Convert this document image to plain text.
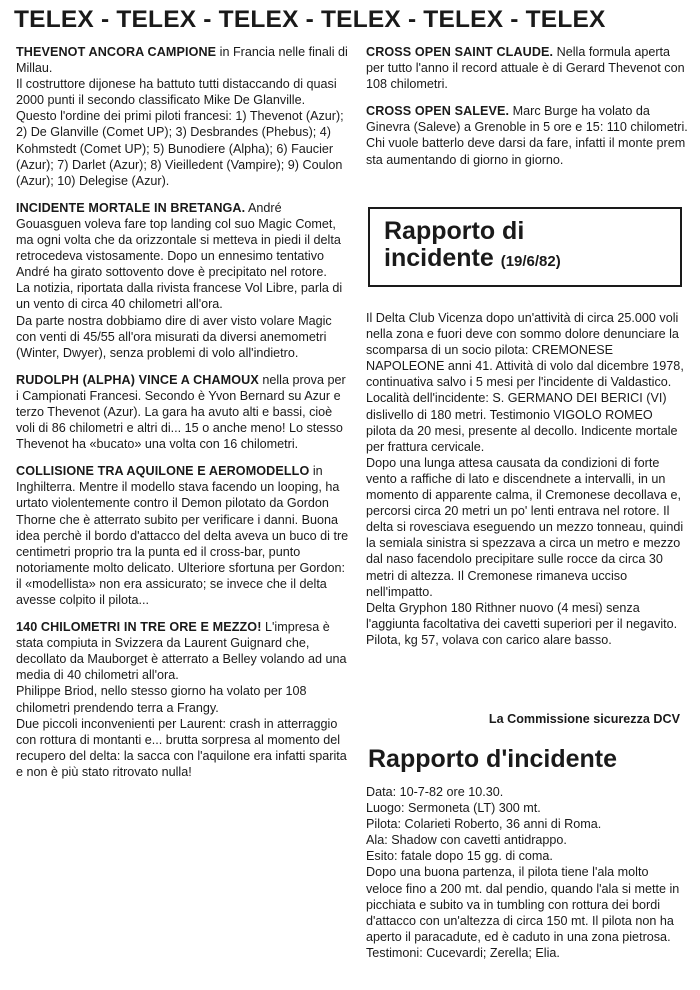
TELEX - TELEX - TELEX - TELEX - TELEX - TELEX

THEVENOT ANCORA CAMPIONE in Francia nelle finali di Millau.

Il costruttore dijonese ha battuto tutti distaccando di quasi 2000 punti il secondo classificato Mike De Glanville.

Questo l'ordine dei primi piloti francesi: 1) Thevenot (Azur); 2) De Glanville (Comet UP); 3) Desbrandes (Phebus); 4) Kohmstedt (Comet UP); 5) Bunodiere (Alpha); 6) Faucier (Azur); 7) Darlet (Azur); 8) Vieilledent (Vampire); 9) Coulon (Azur); 10) Delegise (Azur).

INCIDENTE MORTALE IN BRETANGA. André Gouasguen voleva fare top landing col suo Magic Comet, ma ogni volta che da orizzontale si metteva in piedi il delta retrocedeva vistosamente. Dopo un ennesimo tentativo André ha girato sottovento dove è precipitato nel rotore.

La notizia, riportata dalla rivista francese Vol Libre, parla di un vento di circa 40 chilometri all'ora.

Da parte nostra dobbiamo dire di aver visto volare Magic con venti di 45/55 all'ora misurati da diversi anemometri (Winter, Dwyer), senza problemi di volo all'indietro.

RUDOLPH (ALPHA) VINCE A CHAMOUX nella prova per i Campionati Francesi. Secondo è Yvon Bernard su Azur e terzo Thevenot (Azur). La gara ha avuto alti e bassi, cioè voli di 86 chilometri e altri di... 15 o anche meno! Lo stesso Thevenot ha «bucato» una volta con 16 chilometri.

COLLISIONE TRA AQUILONE E AEROMODELLO in Inghilterra. Mentre il modello stava facendo un looping, ha urtato violentemente contro il Demon pilotato da Gordon Thorne che è atterrato subito per verificare i danni. Buona idea perchè il bordo d'attacco del delta aveva un buco di tre centimetri proprio tra la punta ed il cross-bar, punto notoriamente molto delicato. Ulteriore sfortuna per Gordon: il «modellista» non era assicurato; se invece che il delta avesse colpito il pilota...

140 CHILOMETRI IN TRE ORE E MEZZO! L'impresa è stata compiuta in Svizzera da Laurent Guignard che, decollato da Mauborget è atterrato a Belley volando ad una media di 40 chilometri all'ora.

Philippe Briod, nello stesso giorno ha volato per 108 chilometri prendendo terra a Frangy.

Due piccoli inconvenienti per Laurent: crash in atterraggio con rottura di montanti e... brutta sorpresa al momento del recupero del delta: la sacca con l'aquilone era infatti sparita e non è più stato ritrovato nulla!

CROSS OPEN SAINT CLAUDE. Nella formula aperta per tutto l'anno il record attuale è di Gerard Thevenot con 108 chilometri.

CROSS OPEN SALEVE. Marc Burge ha volato da Ginevra (Saleve) a Grenoble in 5 ore e 15: 110 chilometri. Chi vuole batterlo deve darsi da fare, infatti il monte prem sta aumentando di giorno in giorno.

Rapporto di
incidente (19/6/82)

Il Delta Club Vicenza dopo un'attività di circa 25.000 voli nella zona e fuori deve con sommo dolore denunciare la scomparsa di un socio pilota: CREMONESE NAPOLEONE anni 41. Attività di volo dal dicembre 1978, continuativa salvo i 5 mesi per l'incidente di Valdastico.

Località dell'incidente: S. GERMANO DEI BERICI (VI) dislivello di 180 metri. Testimonio VIGOLO ROMEO pilota da 20 mesi, presente al decollo. Indicente mortale per frattura cervicale.

Dopo una lunga attesa causata da condizioni di forte vento a raffiche di lato e discendnete a intervalli, in un momento di apparente calma, il Cremonese decollava e, percorsi circa 20 metri un po' lenti entrava nel rotore. Il delta si rovesciava eseguendo un mezzo tonneau, quindi la semiala sinistra si spezzava a circa un metro e mezzo dal naso facendolo precipitare sulle rocce da circa 30 metri di altezza. Il Cremonese rimaneva ucciso nell'impatto.

Delta Gryphon 180 Rithner nuovo (4 mesi) senza l'aggiunta facoltativa dei cavetti superiori per il negavito. Pilota, kg 57, volava con carico alare basso.

La Commissione sicurezza DCV
Rapporto d'incidente

Data: 10-7-82 ore 10.30.

Luogo: Sermoneta (LT) 300 mt.

Pilota: Colarieti Roberto, 36 anni di Roma.

Ala: Shadow con cavetti antidrappo.

Esito: fatale dopo 15 gg. di coma.

Dopo una buona partenza, il pilota tiene l'ala molto veloce fino a 200 mt. dal pendio, quando l'ala si mette in picchiata e subito va in tumbling con rottura dei bordi d'attacco con un'altezza di circa 150 mt. Il pilota non ha aperto il paracadute, ed è caduto in una zona pietrosa.

Testimoni: Cucevardi; Zerella; Elia.
